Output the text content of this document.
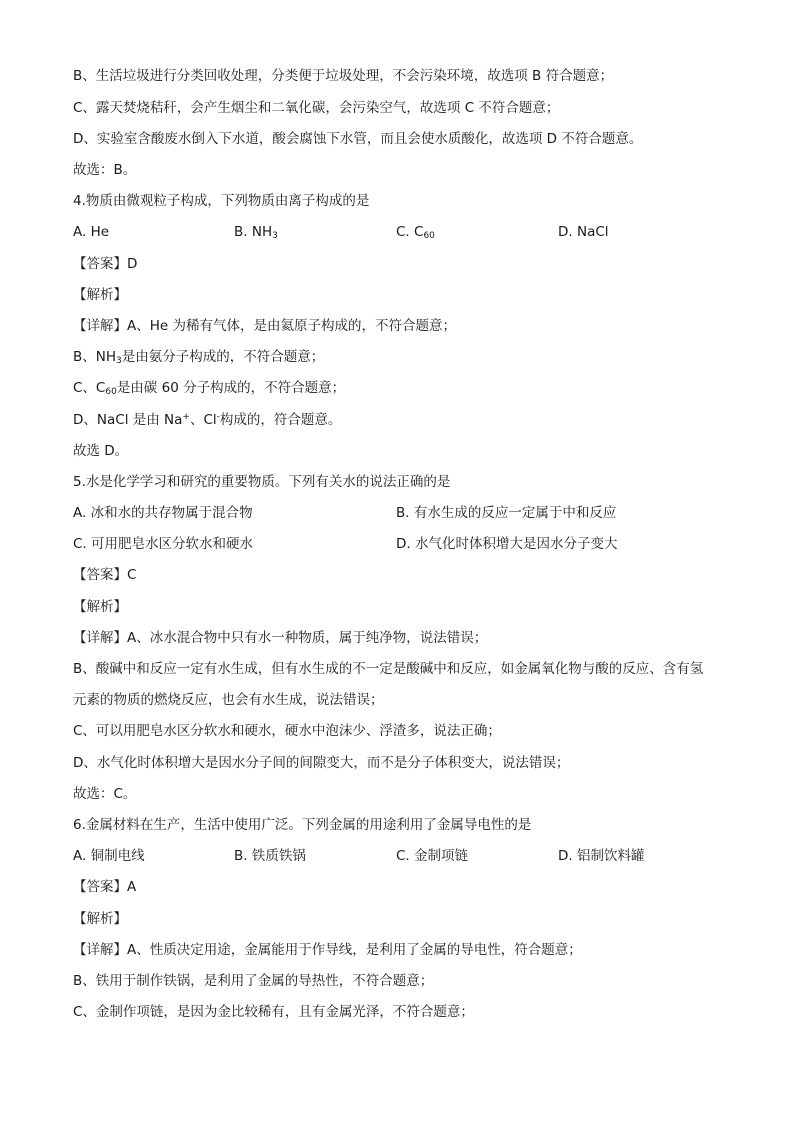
B、生活垃圾进行分类回收处理，分类便于垃圾处理，不会污染环境，故选项 B 符合题意；
C、露天焚烧秸秆，会产生烟尘和二氧化碳，会污染空气，故选项 C 不符合题意；
D、实验室含酸废水倒入下水道，酸会腐蚀下水管，而且会使水质酸化，故选项 D 不符合题意。
故选：B。
4.物质由微观粒子构成，下列物质由离子构成的是
A. He	B. $NH_3$	C. $C_{60}$	D. NaCl
【答案】D
【解析】
【详解】A、He 为稀有气体，是由氦原子构成的，不符合题意；
B、$NH_3$是由氨分子构成的，不符合题意；
C、$C_{60}$是由碳 60 分子构成的，不符合题意；
D、NaCl 是由 Na+、Cl-构成的，符合题意。
故选 D。
5.水是化学学习和研究的重要物质。下列有关水的说法正确的是
A. 冰和水的共存物属于混合物	B. 有水生成的反应一定属于中和反应
C. 可用肥皂水区分软水和硬水	D. 水气化时体积增大是因水分子变大
【答案】C
【解析】
【详解】A、冰水混合物中只有水一种物质，属于纯净物，说法错误；
B、酸碱中和反应一定有水生成，但有水生成的不一定是酸碱中和反应，如金属氧化物与酸的反应、含有氢
元素的物质的燃烧反应，也会有水生成，说法错误；
C、可以用肥皂水区分软水和硬水，硬水中泡沫少、浮渣多，说法正确；
D、水气化时体积增大是因水分子间的间隙变大，而不是分子体积变大，说法错误；
故选：C。
6.金属材料在生产，生活中使用广泛。下列金属的用途利用了金属导电性的是
A. 铜制电线	B. 铁质铁锅	C. 金制项链	D. 铝制饮料罐
【答案】A
【解析】
【详解】A、性质决定用途，金属能用于作导线，是利用了金属的导电性，符合题意；
B、铁用于制作铁锅，是利用了金属的导热性，不符合题意；
C、金制作项链，是因为金比较稀有，且有金属光泽，不符合题意；
